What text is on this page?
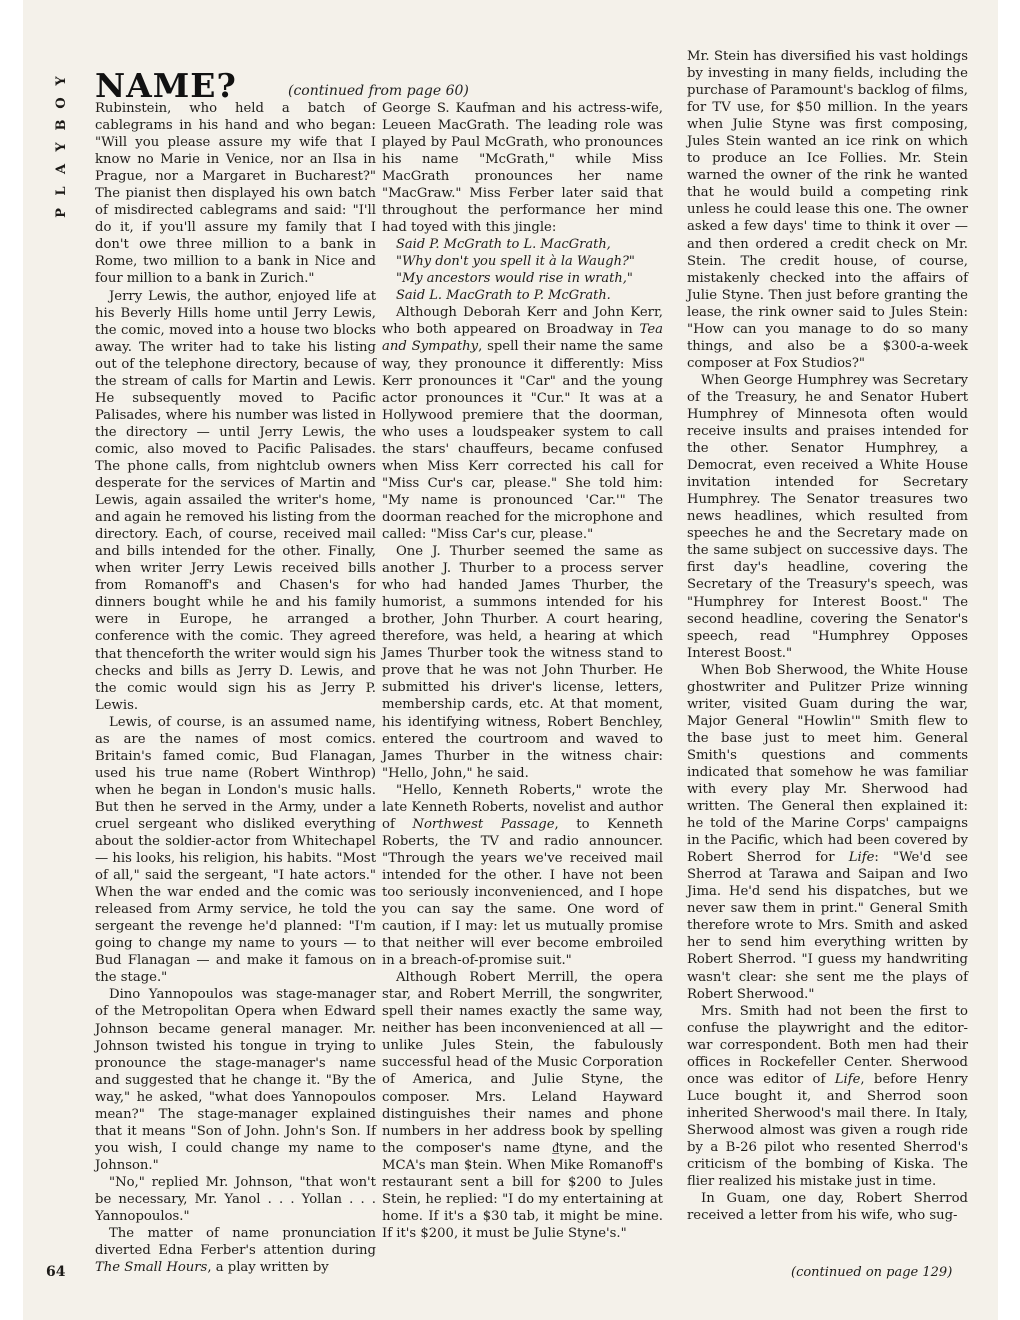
Y
O
B
Y
A
L
P
NAME?	(continued from page 60)

Rubinstein, who held a batch of cablegrams in his hand and who began: "Will you please assure my wife that I know no Marie in Venice, nor an Ilsa in Prague, nor a Margaret in Bucharest?" The pianist then displayed his own batch of misdirected cablegrams and said: "I'll do it, if you'll assure my family that I don't owe three million to a bank in Rome, two million to a bank in Nice and four million to a bank in Zurich."

Jerry Lewis, the author, enjoyed life at his Beverly Hills home until Jerry Lewis, the comic, moved into a house two blocks away. The writer had to take his listing out of the telephone directory, because of the stream of calls for Martin and Lewis. He subsequently moved to Pacific Palisades, where his number was listed in the directory — until Jerry Lewis, the comic, also moved to Pacific Palisades. The phone calls, from nightclub owners desperate for the services of Martin and Lewis, again assailed the writer's home, and again he removed his listing from the directory. Each, of course, received mail and bills intended for the other. Finally, when writer Jerry Lewis received bills from Romanoff's and Chasen's for dinners bought while he and his family were in Europe, he arranged a conference with the comic. They agreed that thenceforth the writer would sign his checks and bills as Jerry D. Lewis, and the comic would sign his as Jerry P. Lewis.

Lewis, of course, is an assumed name, as are the names of most comics. Britain's famed comic, Bud Flanagan, used his true name (Robert Winthrop) when he began in London's music halls. But then he served in the Army, under a cruel sergeant who disliked everything about the soldier-actor from Whitechapel — his looks, his religion, his habits. "Most of all," said the sergeant, "I hate actors." When the war ended and the comic was released from Army service, he told the sergeant the revenge he'd planned: "I'm going to change my name to yours — to Bud Flanagan — and make it famous on the stage."

Dino Yannopoulos was stage-manager of the Metropolitan Opera when Edward Johnson became general manager. Mr. Johnson twisted his tongue in trying to pronounce the stage-manager's name and suggested that he change it. "By the way," he asked, "what does Yannopoulos mean?" The stage-manager explained that it means "Son of John. John's Son. If you wish, I could change my name to Johnson."

"No," replied Mr. Johnson, "that won't be necessary, Mr. Yanol . . . Yollan . . . Yannopoulos."

The matter of name pronunciation diverted Edna Ferber's attention during The Small Hours, a play written by

George S. Kaufman and his actress-wife, Leueen MacGrath. The leading role was played by Paul McGrath, who pronounces his name "McGrath," while Miss MacGrath pronounces her name "MacGraw." Miss Ferber later said that throughout the performance her mind had toyed with this jingle:

Said P. McGrath to L. MacGrath,
"Why don't you spell it à la Waugh?"
"My ancestors would rise in wrath,"
Said L. MacGrath to P. McGrath.

Although Deborah Kerr and John Kerr, who both appeared on Broadway in Tea and Sympathy, spell their name the same way, they pronounce it differently: Miss Kerr pronounces it "Car" and the young actor pronounces it "Cur." It was at a Hollywood premiere that the doorman, who uses a loudspeaker system to call the stars' chauffeurs, became confused when Miss Kerr corrected his call for "Miss Cur's car, please." She told him: "My name is pronounced 'Car.'" The doorman reached for the microphone and called: "Miss Car's cur, please."

One J. Thurber seemed the same as another J. Thurber to a process server who had handed James Thurber, the humorist, a summons intended for his brother, John Thurber. A court hearing, therefore, was held, a hearing at which James Thurber took the witness stand to prove that he was not John Thurber. He submitted his driver's license, letters, membership cards, etc. At that moment, his identifying witness, Robert Benchley, entered the courtroom and waved to James Thurber in the witness chair: "Hello, John," he said.

"Hello, Kenneth Roberts," wrote the late Kenneth Roberts, novelist and author of Northwest Passage, to Kenneth Roberts, the TV and radio announcer. "Through the years we've received mail intended for the other. I have not been too seriously inconvenienced, and I hope you can say the same. One word of caution, if I may: let us mutually promise that neither will ever become embroiled in a breach-of-promise suit."

Although Robert Merrill, the opera star, and Robert Merrill, the songwriter, spell their names exactly the same way, neither has been inconvenienced at all — unlike Jules Stein, the fabulously successful head of the Music Corporation of America, and Julie Styne, the composer. Mrs. Leland Hayward distinguishes their names and phone numbers in her address book by spelling the composer's name ₫tyne, and the MCA's man $tein. When Mike Romanoff's restaurant sent a bill for $200 to Jules Stein, he replied: "I do my entertaining at home. If it's a $30 tab, it might be mine. If it's $200, it must be Julie Styne's."

Mr. Stein has diversified his vast holdings by investing in many fields, including the purchase of Paramount's backlog of films, for TV use, for $50 million. In the years when Julie Styne was first composing, Jules Stein wanted an ice rink on which to produce an Ice Follies. Mr. Stein warned the owner of the rink he wanted that he would build a competing rink unless he could lease this one. The owner asked a few days' time to think it over — and then ordered a credit check on Mr. Stein. The credit house, of course, mistakenly checked into the affairs of Julie Styne. Then just before granting the lease, the rink owner said to Jules Stein: "How can you manage to do so many things, and also be a $300-a-week composer at Fox Studios?"

When George Humphrey was Secretary of the Treasury, he and Senator Hubert Humphrey of Minnesota often would receive insults and praises intended for the other. Senator Humphrey, a Democrat, even received a White House invitation intended for Secretary Humphrey. The Senator treasures two news headlines, which resulted from speeches he and the Secretary made on the same subject on successive days. The first day's headline, covering the Secretary of the Treasury's speech, was "Humphrey for Interest Boost." The second headline, covering the Senator's speech, read "Humphrey Opposes Interest Boost."

When Bob Sherwood, the White House ghostwriter and Pulitzer Prize winning writer, visited Guam during the war, Major General "Howlin'" Smith flew to the base just to meet him. General Smith's questions and comments indicated that somehow he was familiar with every play Mr. Sherwood had written. The General then explained it: he told of the Marine Corps' campaigns in the Pacific, which had been covered by Robert Sherrod for Life: "We'd see Sherrod at Tarawa and Saipan and Iwo Jima. He'd send his dispatches, but we never saw them in print." General Smith therefore wrote to Mrs. Smith and asked her to send him everything written by Robert Sherrod. "I guess my handwriting wasn't clear: she sent me the plays of Robert Sherwood."

Mrs. Smith had not been the first to confuse the playwright and the editor-war correspondent. Both men had their offices in Rockefeller Center. Sherwood once was editor of Life, before Henry Luce bought it, and Sherrod soon inherited Sherwood's mail there. In Italy, Sherwood almost was given a rough ride by a B-26 pilot who resented Sherrod's criticism of the bombing of Kiska. The flier realized his mistake just in time.

In Guam, one day, Robert Sherrod received a letter from his wife, who sug-

64	(continued on page 129)
